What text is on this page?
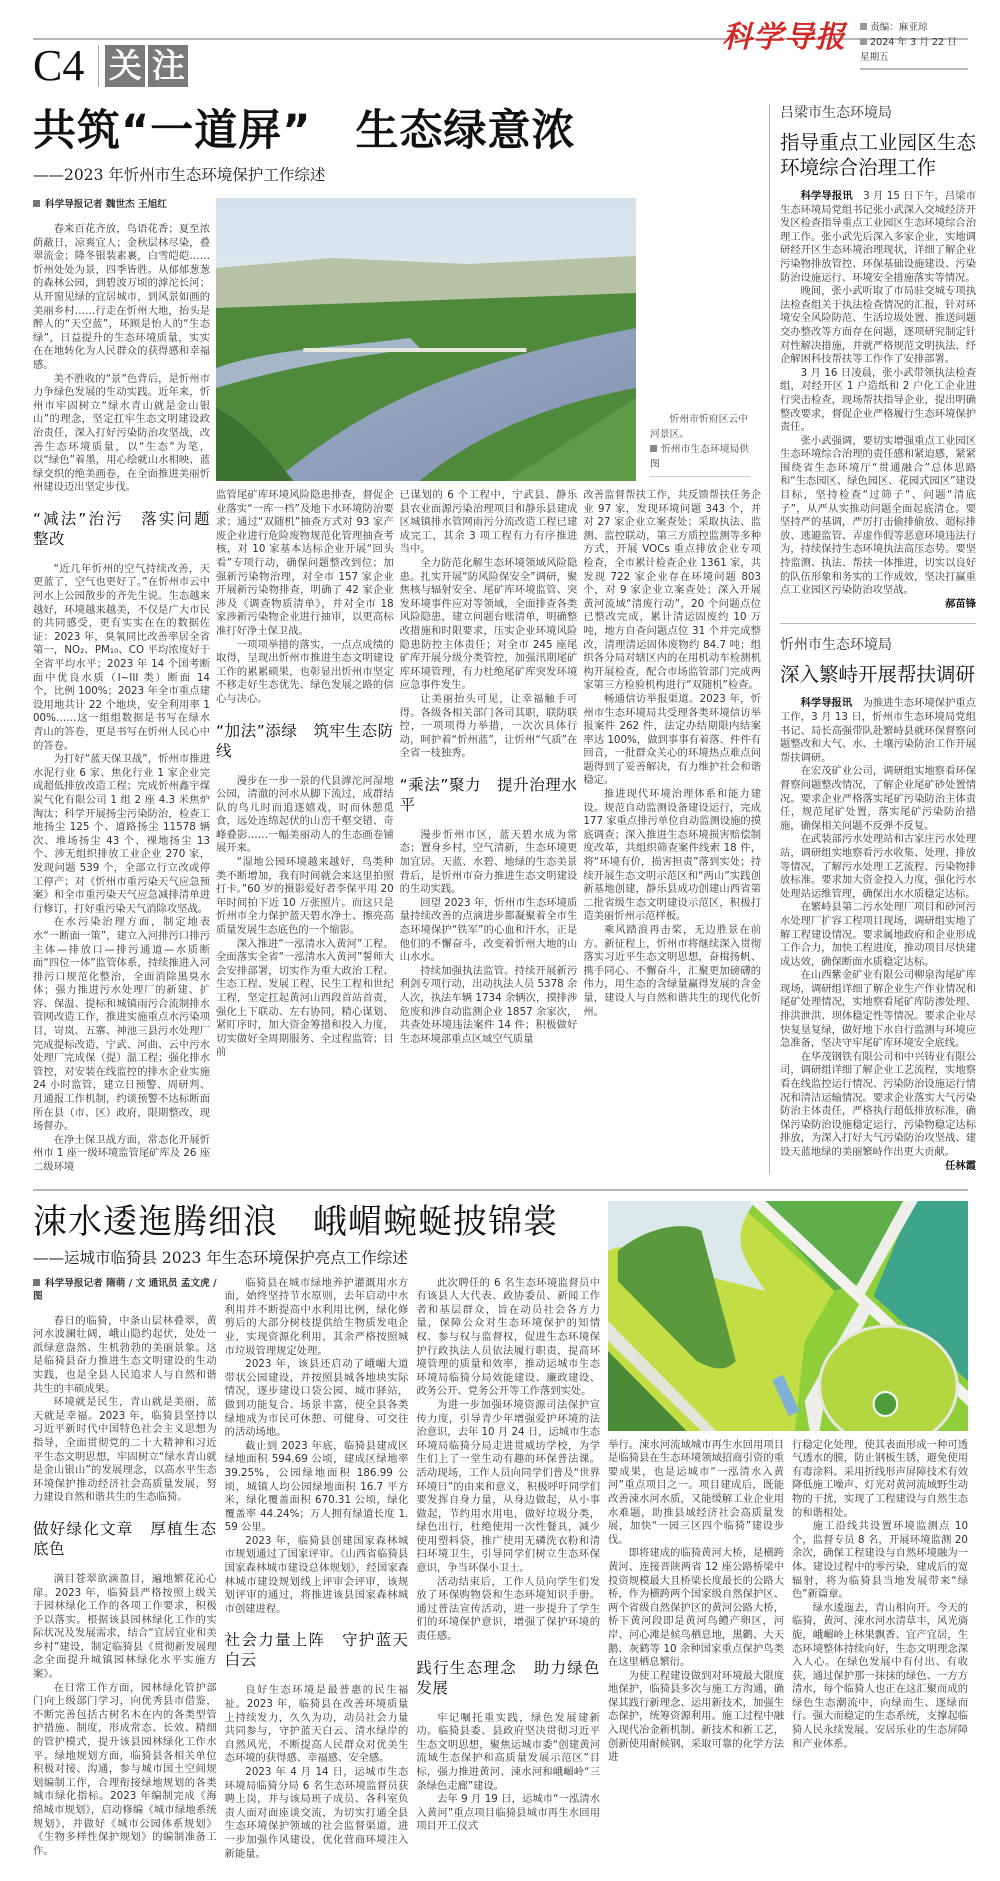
C4 关 注
科学导报	责编：麻亚琼
2024 年 3 月 22 日　星期五
共筑“一道屏”　生态绿意浓
——2023 年忻州市生态环境保护工作综述
科学导报记者 魏世杰 王旭红

春来百花齐放，鸟语花香；夏至浓荫蔽日，凉爽宜人；金秋层林尽染，叠翠流金；隆冬银装素裹，白雪皑皑……忻州处处为景，四季皆胜。从郁郁葱葱的森林公园，到碧波万顷的滹沱长河；从开窗见绿的宜居城市，到风景如画的美丽乡村……行走在忻州大地，抬头是醉人的“天空蓝”，环顾是怡人的“生态绿”，日益提升的生态环境质量，实实在在地转化为人民群众的获得感和幸福感。

美不胜收的“景”色背后，是忻州市力争绿色发展的生动实践。近年来，忻州市牢固树立“绿水青山就是金山银山”的理念，坚定扛牢生态文明建设政治责任，深入打好污染防治攻坚战，改善生态环境质量，以“生态”为笔，以“绿色”着墨，用心绘就山水相映、蓝绿交织的绝美画卷，在全面推进美丽忻州建设迈出坚定步伐。

“减法”治污　落实问题整改

“近几年忻州的空气持续改善，天更蓝了，空气也更好了。”在忻州市云中河水上公园散步的齐先生说。生态越来越好，环境越来越美，不仅是广大市民的共同感受，更有实实在在的数据佐证：2023 年，臭氧同比改善率居全省第一，NO₂、PM₁₀、CO 平均浓度好于全省平均水平；2023 年 14 个国考断面中优良水质（I~III 类）断面 14 个，比例 100%；2023 年全市重点建设用地共计 22 个地块，安全利用率 100%……这一组组数据是书写在绿水青山的答卷，更是书写在忻州人民心中的答卷。

为打好“蓝天保卫战”，忻州市推进水泥行业 6 家、焦化行业 1 家企业完成超低排放改造工程；完成忻州鑫宇煤炭气化有限公司 1 组 2 座 4.3 米焦炉淘汰；科学开展扬尘污染防治，检查工地扬尘 125 个、道路扬尘 11578 辆次、堆场扬尘 43 个、裸地扬尘 13 个、涉无组织排放工业企业 270 家，发现问题 539 个，全部立行立改或停工停产；对《忻州市重污染天气应急预案》和全市重污染天气应急减排清单进行修订，打好重污染天气消除攻坚战。

在水污染治理方面，制定地表水“一断面一策”，建立入河排污口排污主体—排放口—排污通道—水质断面“四位一体”监管体系，持续推进入河排污口规范化整治，全面消除黑臭水体；强力推进污水处理厂的新建、扩容、保温、提标和城镇雨污合流制排水管网改造工作，推进实施重点水污染项目，岢岚、五寨、神池三县污水处理厂完成提标改造，宁武、河曲、云中污水处理厂完成保（提）温工程；强化排水管控，对安装在线监控的排水企业实施 24 小时监管，建立日预警、周研判、月通报工作机制，约谈预警不达标断面所在县（市、区）政府，限期整改，现场督办。

在净土保卫战方面，常态化开展忻州市 1 座一级环境监管尾矿库及 26 座二级环境

忻州市忻府区云中河景区。
忻州市生态环境局供图

监管尾矿库环境风险隐患排查，督促企业落实“一库一档”及地下水环境防治要求；通过“双随机”抽查方式对 93 家产废企业进行危险废物规范化管理抽查考核，对 10 家基本达标企业开展“回头看”专项行动，确保问题整改到位；加强新污染物治理，对全市 157 家企业开展新污染物排查，明确了 42 家企业涉及《调查物质清单》，并对全市 18 家涉新污染物企业进行抽审，以更高标准打好净土保卫战。

一项项举措的落实，一点点成绩的取得，呈现出忻州市推进生态文明建设工作的累累硕果，也彰显出忻州市坚定不移走好生态优先、绿色发展之路的信心与决心。

“加法”添绿　筑牢生态防线

漫步在一步一景的代县滹沱河湿地公园，清澈的河水从脚下流过，成群结队的鸟儿时而追逐嬉戏，时而休憩觅食，远处连绵起伏的山峦千壑交错、奇峰叠影……一幅美丽动人的生态画卷铺展开来。

“湿地公园环境越来越好，鸟类种类不断增加，我有时间就会来这里拍照打卡。”60 岁的摄影爱好者李保平用 20 年时间拍下近 10 万张照片。而这只是忻州市全力保护蓝天碧水净土、擦亮高质量发展生态底色的一个缩影。

深入推进“一泓清水入黄河”工程。全面落实全省“一泓清水入黄河”誓师大会安排部署，切实作为重大政治工程、生态工程、发展工程、民生工程和世纪工程，坚定扛起黄河山西段首站首责，强化上下联动、左右协同，精心谋划、紧盯序时，加大资金筹措和投入力度，切实做好全周期服务、全过程监管；目前

已谋划的 6 个工程中，宁武县、静乐县农业面源污染治理项目和静乐县建成区城镇排水管网雨污分流改造工程已建成完工，其余 3 项工程有力有序推进当中。

全力防范化解生态环境领域风险隐患。扎实开展“防风险保安全”调研，聚焦核与辐射安全、尾矿库环境监管、突发环境事件应对等领域，全面排查各类风险隐患，建立问题台账清单，明确整改措施和时限要求，压实企业环境风险隐患防控主体责任；对全市 245 座尾矿库开展分级分类管控，加强汛期尾矿库环境管理，有力杜绝尾矿库突发环境应急事件发生。

让美丽抬头可见，让幸福触手可得。各级各相关部门各司其职，联防联控，一项项得力举措，一次次具体行动，呵护着“忻州蓝”，让忻州“气质”在全省一枝独秀。

“乘法”聚力　提升治理水平

漫步忻州市区，蓝天碧水成为常态；置身乡村，空气清新，生态环境更加宜居。天蓝、水碧、地绿的生态美景背后，是忻州市奋力推进生态文明建设的生动实践。

回望 2023 年，忻州市生态环境质量持续改善的点滴进步都凝聚着全市生态环境保护“铁军”的心血和汗水，正是他们的不懈奋斗，改变着忻州大地的山山水水。

持续加强执法监管。持续开展新污利剑专项行动，出动执法人员 5378 余人次，执法车辆 1734 余辆次，摸排涉危废和涉自动监测企业 1857 余家次，共查处环境违法案件 14 件；积极做好生态环境部重点区域空气质量

改善监督帮扶工作，共反馈帮扶任务企业 97 家，发现环境问题 343 个，并对 27 家企业立案查处；采取执法、监测、监控联动，第三方质控监测等多种方式，开展 VOCs 重点排放企业专项检查，全市累计检查企业 1361 家，共发现 722 家企业存在环境问题 803 个，对 9 家企业立案查处；深入开展黄河流域“清废行动”，20 个问题点位已整改完成，累计清运固废约 10 万吨，地方自查问题点位 31 个并完成整改，清理清运固体废物约 84.7 吨；组织各分局对辖区内的在用机动车检测机构开展检查，配合市场监管部门完成两家第三方检验机构进行“双随机”检查。

畅通信访举报渠道。2023 年，忻州市生态环境局共受理各类环境信访举报案件 262 件，法定办结期限内结案率达 100%，做到事事有着落、件件有回音，一批群众关心的环境热点难点问题得到了妥善解决，有力维护社会和谐稳定。

推进现代环境治理体系和能力建设。规范自动监测设备建设运行，完成 177 家重点排污单位自动监测设施的摸底调查；深入推进生态环境损害赔偿制度改革，共组织筛查案件线索 18 件，将“环境有价，损害担责”落到实处；持续开展生态文明示范区和“两山”实践创新基地创建，静乐县成功创建山西省第二批省级生态文明建设示范区，积极打造美丽忻州示范样板。

乘风踏浪再击桨，无边胜景在前方。新征程上，忻州市将继续深入贯彻落实习近平生态文明思想，奋楫扬帆、携手同心、不懈奋斗，汇聚更加磅礴的伟力，用生态的含绿量赢得发展的含金量，建设人与自然和谐共生的现代化忻州。

吕梁市生态环境局
指导重点工业园区生态环境综合治理工作

科学导报讯　 3 月 15 日下午，吕梁市生态环境局党组书记张小武深入交城经济开发区检查指导重点工业园区生态环境综合治理工作。张小武先后深入多家企业，实地调研经开区生态环境治理现状，详细了解企业污染物排放管控、环保基础设施建设、污染防治设施运行、环境安全措施落实等情况。

晚间，张小武听取了市局驻交城专项执法检查组关于执法检查情况的汇报，针对环境安全风险防范、生活垃圾处置、推送问题交办整改等方面存在问题，逐项研究制定针对性解决措施，并就严格规范文明执法、纾企解困科技帮扶等工作作了安排部署。

3 月 16 日凌晨，张小武带领执法检查组，对经开区 1 户造纸和 2 户化工企业进行突击检查，现场帮扶指导企业，提出明确整改要求，督促企业严格履行生态环境保护责任。

张小武强调，要切实增强重点工业园区生态环境综合治理的责任感和紧迫感，紧紧围绕省生态环境厅“贯通融合”总体思路和“生态园区、绿色园区、花园式园区”建设目标，坚持检查“过筛子”、问题“清底子”，从严从实推动问题全面起底清仓。要坚持严的基调，严厉打击偷排偷放、超标排放、逃避监管、弄虚作假等恶意环境违法行为，持续保持生态环境执法高压态势。要坚持监测、执法、帮扶一体推进，切实以良好的队伍形象和务实的工作成效，坚决打赢重点工业园区污染防治攻坚战。

郝苗锋

忻州市生态环境局
深入繁峙开展帮扶调研

科学导报讯　 为推进生态环境保护重点工作，3 月 13 日，忻州市生态环境局党组书记、局长高强带队赴繁峙县就环保督察问题整改和大气、水、土壤污染防治工作开展帮扶调研。

在宏茂矿业公司，调研组实地察看环保督察问题整改情况，了解企业尾矿砂处置情况。要求企业严格落实尾矿污染防治主体责任，规范尾矿处置，落实尾矿污染防治措施，确保相关问题不反弹不反复。

在武装部污水处理站和古家庄污水处理站，调研组实地察看污水收集、处理、排放等情况，了解污水处理工艺流程、污染物排放标准。要求加大资金投入力度，强化污水处理站运维管理，确保出水水质稳定达标。

在繁峙县第二污水处理厂项目和砂河污水处理厂扩容工程项目现场，调研组实地了解工程建设情况。要求属地政府和企业形成工作合力，加快工程进度，推动项目尽快建成达效，确保断面水质稳定达标。

在山西紫金矿业有限公司柳泉沟尾矿库现场，调研组详细了解企业生产作业情况和尾矿处理情况，实地察看尾矿库防渗处理、排洪泄洪、坝体稳定性等情况。要求企业尽快复垦复绿，做好地下水自行监测与环境应急准备，坚决守牢尾矿库环境安全底线。

在华茂钢铁有限公司和中兴铸业有限公司，调研组详细了解企业工艺流程，实地察看在线监控运行情况、污染防治设施运行情况和清洁运输情况。要求企业落实大气污染防治主体责任，严格执行超低排放标准，确保污染防治设施稳定运行，污染物稳定达标排放，为深入打好大气污染防治攻坚战、建设天蓝地绿的美丽繁峙作出更大贡献。

任林霞

涑水逶迤腾细浪　峨嵋蜿蜒披锦裳
——运城市临猗县 2023 年生态环境保护亮点工作综述
科学导报记者 隋萌 / 文 通讯员 孟文虎 / 图

春日的临猗，中条山层林叠翠，黄河水波澜壮阔，峨山隐约起伏，处处一派绿意盎然、生机勃勃的美丽景象。这是临猗县奋力推进生态文明建设的生动实践，也是全县人民追求人与自然和谐共生的丰硕成果。

环境就是民生，青山就是美丽，蓝天就是幸福。2023 年，临猗县坚持以习近平新时代中国特色社会主义思想为指导，全面贯彻党的二十大精神和习近平生态文明思想，牢固树立“绿水青山就是金山银山”的发展理念，以高水平生态环境保护推动经济社会高质量发展，努力建设自然和谐共生的生态临猗。

做好绿化文章　厚植生态底色

满目苍翠欲滴盈目，遍地繁花沁心扉。2023 年，临猗县严格按照上级关于园林绿化工作的各项工作要求，积极予以落实。根据该县园林绿化工作的实际状况及发展需求，结合“宜居宜业和美乡村”建设，制定临猗县《贯彻新发展理念全面提升城镇园林绿化水平实施方案》。

在日常工作方面，园林绿化管护部门向上级部门学习，向优秀县市借鉴，不断完善包括古树名木在内的各类型管护措施、制度，形成常态、长效、精细的管护模式，提升该县园林绿化工作水平。绿地规划方面，临猗县各相关单位积极对接、沟通，参与城市国土空间规划编制工作，合理衔接绿地规划的各类城市绿化指标。2023 年编制完成《海绵城市规划》，启动修编《城市绿地系统规划》，并做好《城市公园体系规划》《生物多样性保护规划》的编制准备工作。

临猗县在城市绿地养护灌溉用水方面，始终坚持节水原则，去年启动中水利用并不断提高中水利用比例，绿化修剪后的大部分树枝提供给生物质发电企业，实现资源化利用，其余严格按照城市垃圾管理规定处理。

2023 年，该县还启动了峨嵋大道带状公园建设，并按照县城各地块实际情况，逐步建设口袋公园、城市驿站，做到功能复合、场景丰富，使全县各类绿地成为市民可休憩、可健身、可交往的活动场地。

截止到 2023 年底，临猗县建成区绿地面积 594.69 公顷，建成区绿地率 39.25%，公园绿地面积 186.99 公顷，城镇人均公园绿地面积 16.7 平方米，绿化覆盖面积 670.31 公顷，绿化覆盖率 44.24%；万人拥有绿道长度 1.59 公里。

2023 年，临猗县创建国家森林城市规划通过了国家评审。《山西省临猗县国家森林城市建设总体规划》，经国家森林城市建设规划线上评审会评审，该规划评审的通过，将推进该县国家森林城市创建进程。

社会力量上阵　守护蓝天白云

良好生态环境是最普惠的民生福祉。2023 年，临猗县在改善环境质量上持续发力，久久为功，动员社会力量共同参与，守护蓝天白云、清水绿岸的自然风光，不断提高人民群众对优美生态环境的获得感、幸福感、安全感。

2023 年 4 月 14 日，运城市生态环境局临猗分局 6 名生态环境监督员获聘上岗，并与该局班子成员、各科室负责人面对面座谈交流，为切实打通全县生态环境保护领域的社会监督渠道，进一步加强作风建设，优化营商环境注入新能量。

此次聘任的 6 名生态环境监督员中有该县人大代表、政协委员、新闻工作者和基层群众，旨在动员社会各方力量，保障公众对生态环境保护的知情权、参与权与监督权，促进生态环境保护行政执法人员依法履行职责，提高环境管理的质量和效率，推动运城市生态环境局临猗分局效能建设、廉政建设、政务公开、党务公开等工作落到实处。

为进一步加强环境资源司法保护宣传力度，引导青少年增强爱护环境的法治意识，去年 10 月 24 日，运城市生态环境局临猗分局走进贯威坊学校，为学生们上了一堂生动有趣的环保普法课。活动现场，工作人员向同学们普及“世界环境日”的由来和意义，积极呼吁同学们要发挥自身力量，从身边做起，从小事做起，节约用水用电，做好垃圾分类，绿色出行，杜绝使用一次性餐具，减少使用塑料袋，推广使用无磷洗衣粉和清扫环境卫生，引导同学们树立生态环保意识，争当环保小卫士。

活动结束后，工作人员向学生们发放了环保购物袋和生态环境知识手册。通过普法宣传活动，进一步提升了学生们的环境保护意识，增强了保护环境的责任感。

践行生态理念　助力绿色发展

牢记嘱托重实践，绿色发展建新功。临猗县委、县政府坚决贯彻习近平生态文明思想，聚焦运城市委“创建黄河流域生态保护和高质量发展示范区”目标，强力推进黄河、涑水河和峨嵋岭“三条绿色走廊”建设。

去年 9 月 19 日，运城市“一泓清水入黄河”重点项目临猗县城市再生水回用项目开工仪式

举行。涑水河流域城市再生水回用项目是临猗县在生态环境领域招商引资的重要成果，也是运城市“一泓清水入黄河”重点项目之一。项目建成后，既能改善涑水河水质，又能缓解工业企业用水难题，助推县域经济社会高质量发展，加快“一园三区四个临猗”建设步伐。

即将建成的临猗黄河大桥，是横跨黄河、连接晋陕两省 12 座公路桥梁中投资规模最大且桥梁长度最长的公路大桥，作为横跨两个国家级自然保护区、两个省级自然保护区的黄河公路大桥，桥下黄河段即是黄河鸟鳢产卵区，河岸、河心滩是候鸟栖息地，黑鹳、大天鹅、灰鹤等 10 余种国家重点保护鸟类在这里栖息繁衍。

为使工程建设做到对环境最大限度地保护，临猗县多次与施工方沟通，确保其践行新理念、运用新技术，加强生态保护，统筹资源利用。施工过程中融入现代冶金新机制、新技术和新工艺，创新使用耐候钢，采取可靠的化学方法进

行稳定化处理，使其表面形成一种可透气透水的膜，防止钢板生锈，避免使用有毒涂料。采用折线形声屏障技术有效降低施工噪声、灯光对黄河流域野生动物的干扰，实现了工程建设与自然生态的和谐相处。

施工沿线共设置环境监测点 10 个，监督专员 8 名，开展环境监测 20 余次，确保工程建设与自然环境融为一体。建设过程中的零污染，建成后的宽辐射，将为临猗县当地发展带来“绿色”新篇章。

绿水逶迤去，青山相向开。今天的临猗，黄河、涑水河水清草丰，风光旖旎，峨嵋岭上林果飘香、宜产宜居，生态环境整体持续向好，生态文明理念深入人心。在绿色发展中有付出、有收获，通过保护那一抹抹的绿色、一方方清水，每个临猗人也正在这汇聚而成的绿色生态潮流中，向绿而生、逐绿而行。强大而稳定的生态系统，支撑起临猗人民永续发展、安居乐业的生态屏障和产业体系。
